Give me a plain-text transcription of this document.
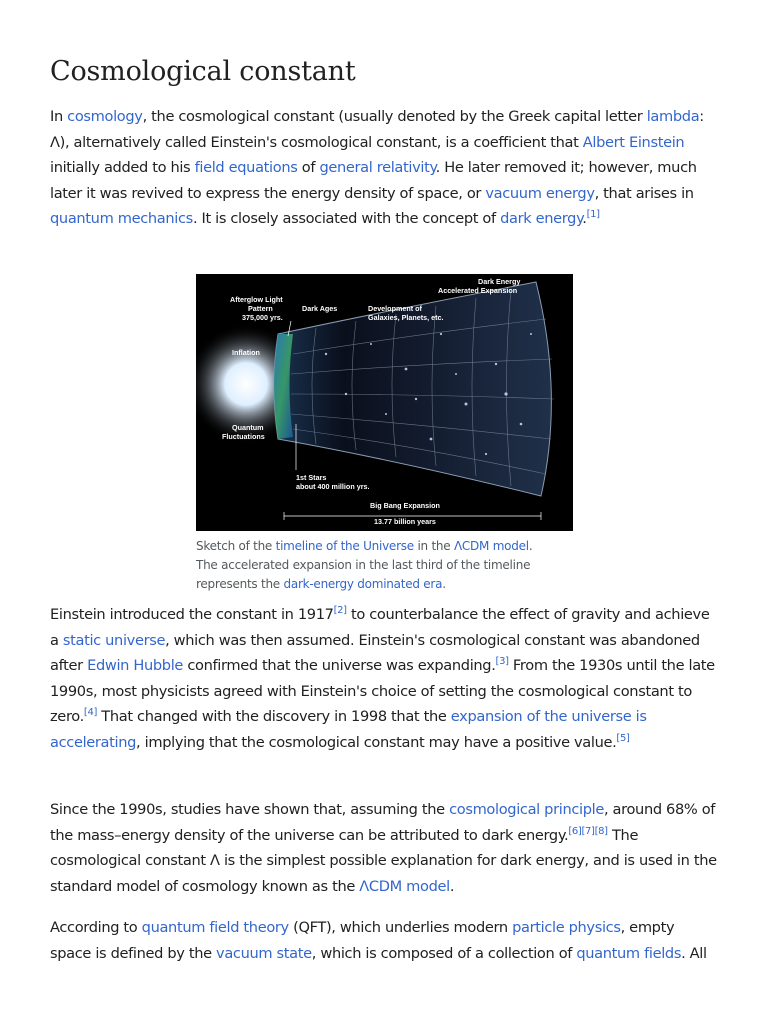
Cosmological constant

In cosmology, the cosmological constant (usually denoted by the Greek capital letter lambda: Λ), alternatively called Einstein's cosmological constant, is a coefficient that Albert Einstein initially added to his field equations of general relativity. He later removed it; however, much later it was revived to express the energy density of space, or vacuum energy, that arises in quantum mechanics. It is closely associated with the concept of dark energy.[1]

Afterglow Light
Pattern
375,000 yrs.
Dark Ages	Development of
Galaxies, Planets, etc.
Dark Energy
Accelerated Expansion
Inflation
Quantum
Fluctuations
1st Stars
about 400 million yrs.
Big Bang Expansion
13.77 billion years
Sketch of the timeline of the Universe in the ΛCDM model. The accelerated expansion in the last third of the timeline represents the dark-energy dominated era.

Einstein introduced the constant in 1917[2] to counterbalance the effect of gravity and achieve a static universe, which was then assumed. Einstein's cosmological constant was abandoned after Edwin Hubble confirmed that the universe was expanding.[3] From the 1930s until the late 1990s, most physicists agreed with Einstein's choice of setting the cosmological constant to zero.[4] That changed with the discovery in 1998 that the expansion of the universe is accelerating, implying that the cosmological constant may have a positive value.[5]

Since the 1990s, studies have shown that, assuming the cosmological principle, around 68% of the mass–energy density of the universe can be attributed to dark energy.[6][7][8] The cosmological constant Λ is the simplest possible explanation for dark energy, and is used in the standard model of cosmology known as the ΛCDM model.

According to quantum field theory (QFT), which underlies modern particle physics, empty space is defined by the vacuum state, which is composed of a collection of quantum fields. All
